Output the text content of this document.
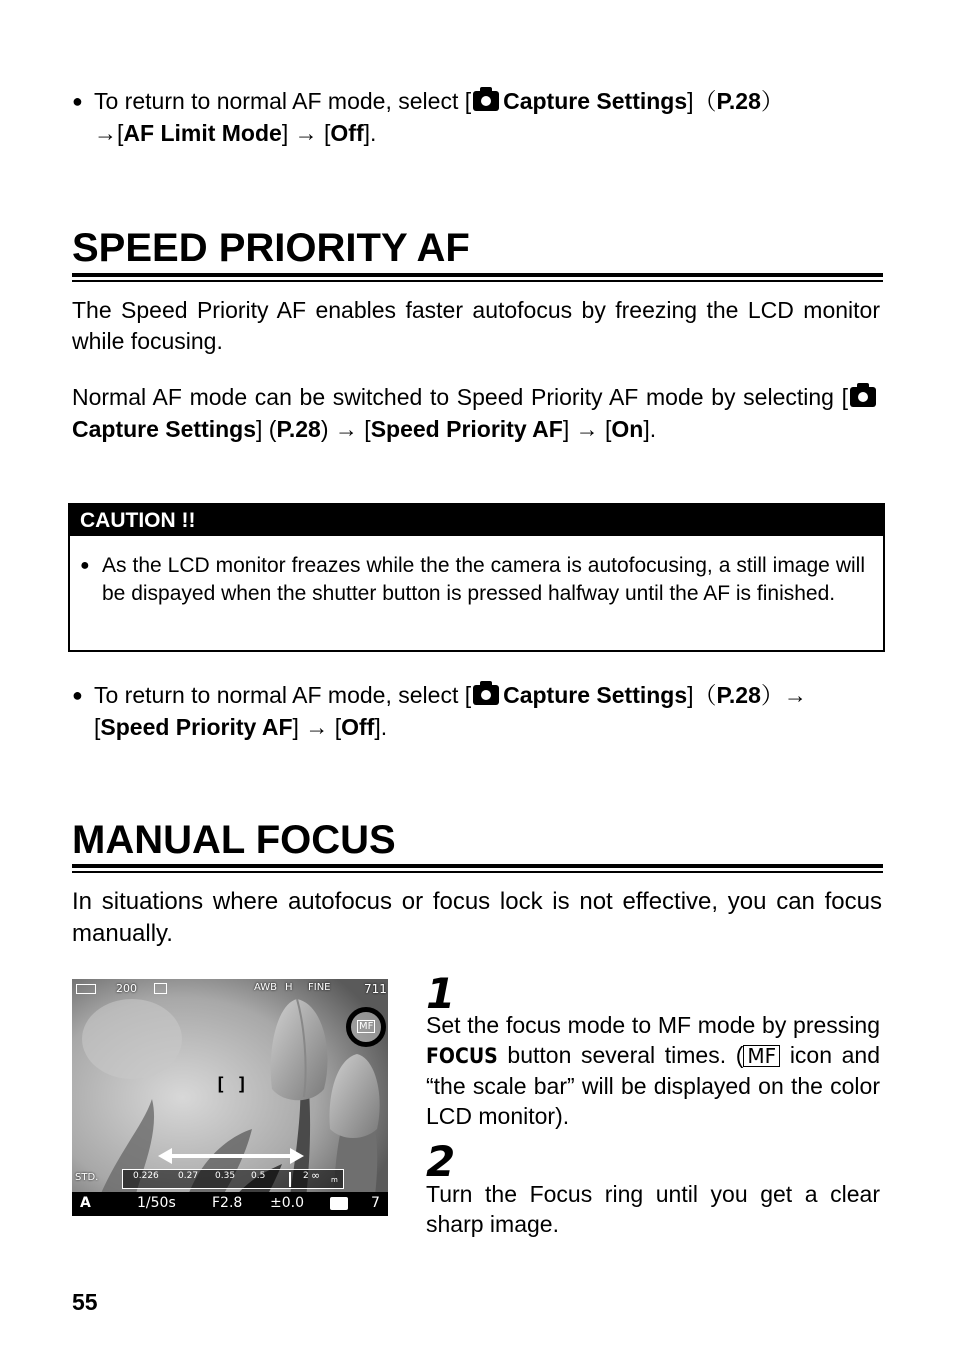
● To return to normal AF mode, select [ Capture Settings]（P.28）
→[AF Limit Mode] → [Off].
SPEED PRIORITY AF
The Speed Priority AF enables faster autofocus by freezing the LCD monitor while focusing.
Normal AF mode can be switched to Speed Priority AF mode by selecting [Capture Settings] (P.28) → [Speed Priority AF] → [On].
CAUTION !!
● As the LCD monitor freazes while the the camera is autofocusing, a still image will be dispayed when the shutter button is pressed halfway until the AF is finished.
● To return to normal AF mode, select [ Capture Settings]（P.28）→
[Speed Priority AF] → [Off].
MANUAL FOCUS
In situations where autofocus or focus lock is not effective, you can focus manually.
200	AWB H FINE	711
MF
[ ]
STD.	0.226 0.27 0.35 0.5	2 ∞ m
A	1/50s	F2.8 ±0.0	7
1
Set the focus mode to MF mode by pressing FOCUS button several times. ( MF icon and “the scale bar” will be displayed on the color LCD monitor).
2
Turn the Focus ring until you get a clear sharp image.
55
